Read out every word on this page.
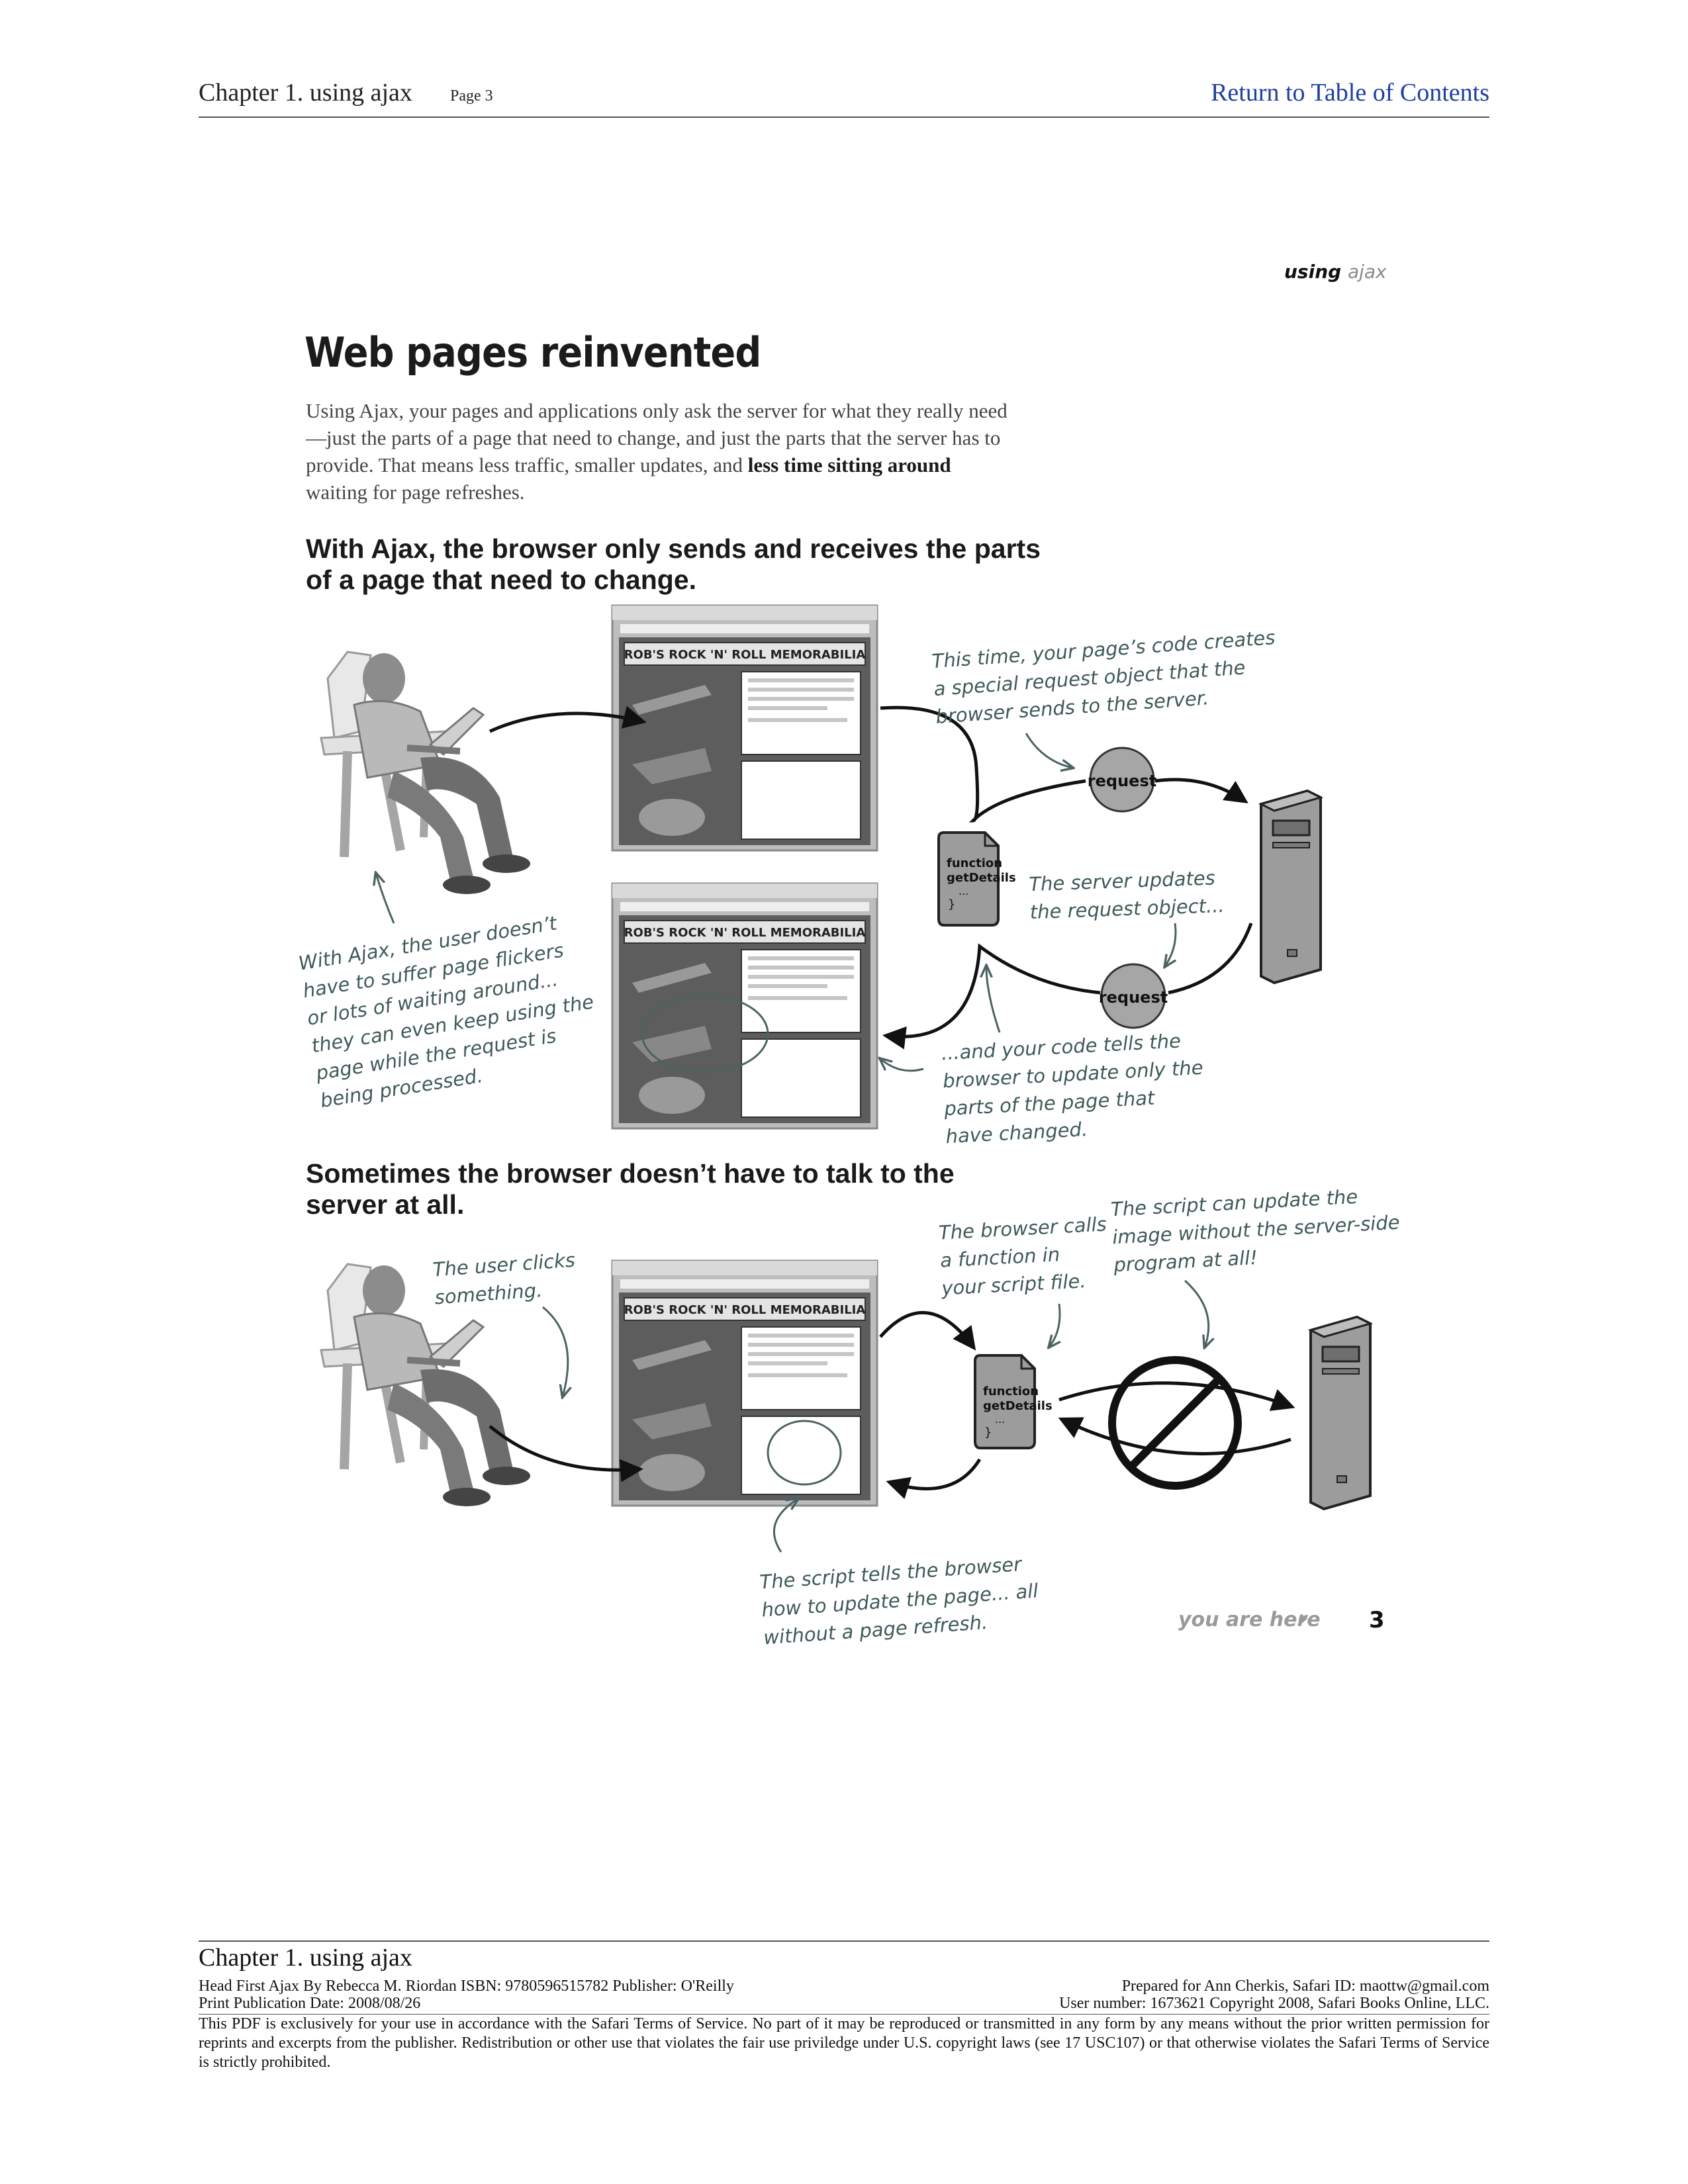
Chapter 1. using ajax Page 3	Return to Table of Contents
using ajax
Web pages reinvented
Using Ajax, your pages and applications only ask the server for what they really need—just the parts of a page that need to change, and just the parts that the server has to provide. That means less traffic, smaller updates, and less time sitting around waiting for page refreshes.
With Ajax, the browser only sends and receives the parts of a page that need to change.
ROB'S ROCK 'N' ROLL MEMORABILIA
ROB'S ROCK 'N' ROLL MEMORABILIA
function
getDetails
...
}
request
request
ROB'S ROCK 'N' ROLL MEMORABILIA
function
getDetails
...
}
This time, your page’s code creates
a special request object that the
browser sends to the server.
The server updates
the request object...
With Ajax, the user doesn’t
have to suffer page flickers
or lots of waiting around...
they can even keep using the
page while the request is
being processed.
...and your code tells the
browser to update only the
parts of the page that
have changed.
Sometimes the browser doesn’t have to talk to the server at all.
The browser calls
a function in
your script file.
The script can update the
image without the server-side
program at all!
The user clicks
something.
The script tells the browser
how to update the page... all
without a page refresh.	you are here 3
Chapter 1. using ajax
Head First Ajax By Rebecca M. Riordan ISBN: 9780596515782 Publisher: O'Reilly	Prepared for Ann Cherkis, Safari ID: maottw@gmail.com
Print Publication Date: 2008/08/26	User number: 1673621 Copyright 2008, Safari Books Online, LLC.
This PDF is exclusively for your use in accordance with the Safari Terms of Service. No part of it may be reproduced or transmitted in any form by any means without the prior written permission for reprints and excerpts from the publisher. Redistribution or other use that violates the fair use priviledge under U.S. copyright laws (see 17 USC107) or that otherwise violates the Safari Terms of Service is strictly prohibited.
